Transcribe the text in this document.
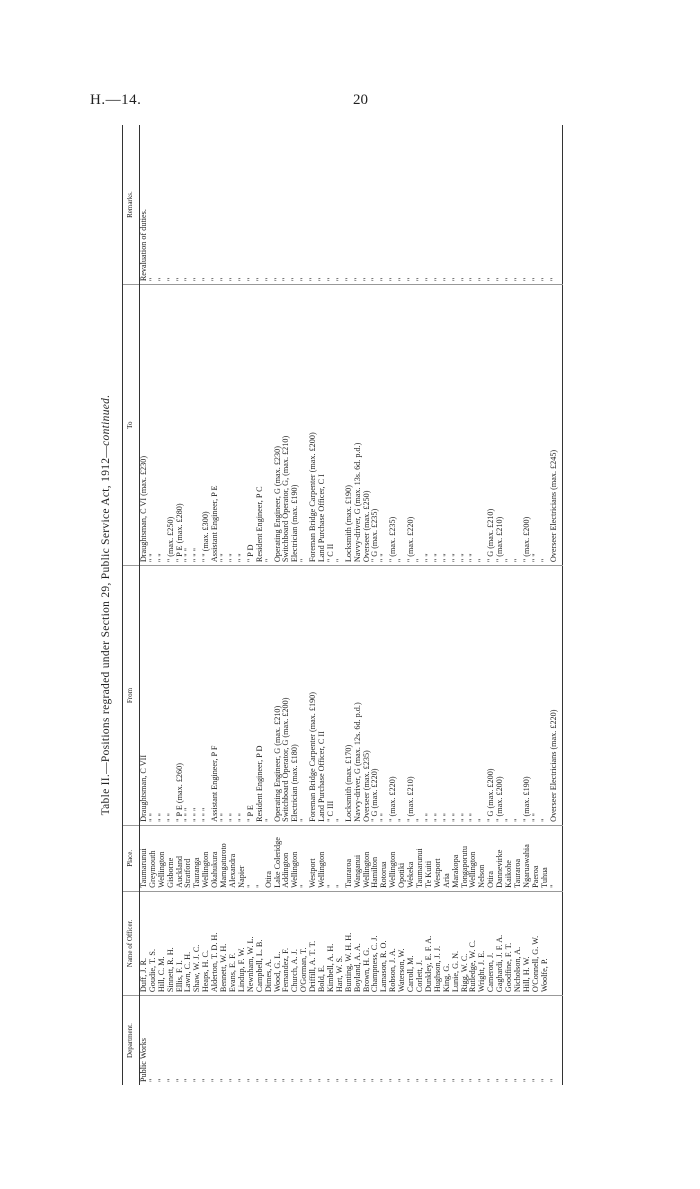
H.—14.	20
Table II.—Positions regraded under Section 29, Public Service Act, 1912—continued.
Department.	Name of Officer.	Place.	From	To	Remarks.
Public Works	Duff, J. R.	Taumarunui	Draughtsman, C VII	Draughtsman, C VI (max. £230)	Revaluation of duties.
"	Goudie, T. S.	Greymouth	" "	" "	"
"	Hill, C. M.	Wellington	" "	" "	"
"	Sinnett, R. H.	Gisborne	" "	" (max. £250)	"
"	Ellis, F. I.	Auckland	" P E (max. £260)	" P E (max. £280)	"
"	Lawn, C. H.	Stratford	" " "	" " "	"
"	Shaw, W. J. C.	Tauranga	" " "	" " "	"
"	Heaps, H. C.	Wellington	" " "	" " (max. £300)	"
"	Alderton, T. D. H.	Okahukura	Assistant Engineer, P F	Assistant Engineer, P E	"
"	Bennett, W. H.	Mamgaturoto	" "	" "	"
"	Evans, E. F.	Alexandra	" "	" "	"
"	Lindup, F. W.	Napier	" "	" "	"
"	Newnham, W. L.	"	" P E	" P D	"
"	Campbell, L. B.	"	Resident Engineer, P D	Resident Engineer, P C	"
"	Dimes, A.	Otira	"	"	"
"	Wood, G. L.	Lake Coleridge	Operating Engineer, G (max. £210)	Operating Engineer, G (max. £230)	"
"	Fernandez, F.	Addington	Switchboard Operator, G (max. £200)	Switchboard Operator, G, (max. £210)	"
"	Church, A. J.	Wellington	Electrician (max. £180)	Electrician (max. £190)	"
"	O'Gorman, T.	"	"	"	"
"	Driffill, A. T. T.	Westport	Foreman Bridge Carpenter (max. £190)	Foreman Bridge Carpenter (max. £200)	"
"	Bold, E.	Wellington	Land Purchase Officer, C II	Land Purchase Officer, C I	"
"	Kimbell, A. H.	"	" C III	" C II	"
"	Hart, W. S.	"	"	"	"
"	Bunting, W. H. H.	Tauraroa	Locksmith (max. £170)	Locksmith (max. £190)	"
"	Boyland, A. A.	Wanganui	Navvy-driver, G (max. 12s. 6d. p.d.)	Navvy-driver, G (max. 13s. 6d. p.d.)	"
"	Brown, H. G.	Wellington	Overseer (max. £235)	Overseer (max. £250)	"
"	Champness, C. J.	Hamilton	" G (max. £220)	" G (max. £235)	"
"	Lamason, R. O.	Rotorua	" "	" "	"
"	Robson, J. A.	Wellington	" (max. £220)	" (max. £235)	"
"	Waterson, W.	Opotiki	"	"	"
"	Carroll, M.	Wekeka	" (max. £210)	" (max. £220)	"
"	Corlett, J.	Taumarunui	"	"	"
"	Dunkley, E. F. A.	Te Kuiti	" "	" "	"
"	Hughson, J. J.	Westport	" "	" "	"
"	King, G.	Aria	" "	" "	"
"	Lunie, G. N.	Marakopa	" "	" "	"
"	Rigg, W. C.	Tongaporutu	" "	" "	"
"	Rutledge, W. C.	Wellington	" "	" "	"
"	Wright, J. E.	Nelson	"	"	"
"	Cameron, J.	Otira	" G (max. £200)	" G (max. £210)	"
"	Gaghardi, J. F. A.	Dannevirke	" (max. £200)	" (max. £210)	"
"	Goodfine, F. T.	Kaikohe	"	"	"
"	Nicholson, A.	Tauraroa	"	"	"
"	Hill, H. W.	Ngaruawahia	" (max. £190)	" (max. £200)	"
"	O'Connell, G. W.	Paeroa	" "	" "	"
"	Woolfe, P.	Tuhua	"	"	"
"		"	Overseer Electricians (max. £220)	Overseer Electricians (max. £245)	"
